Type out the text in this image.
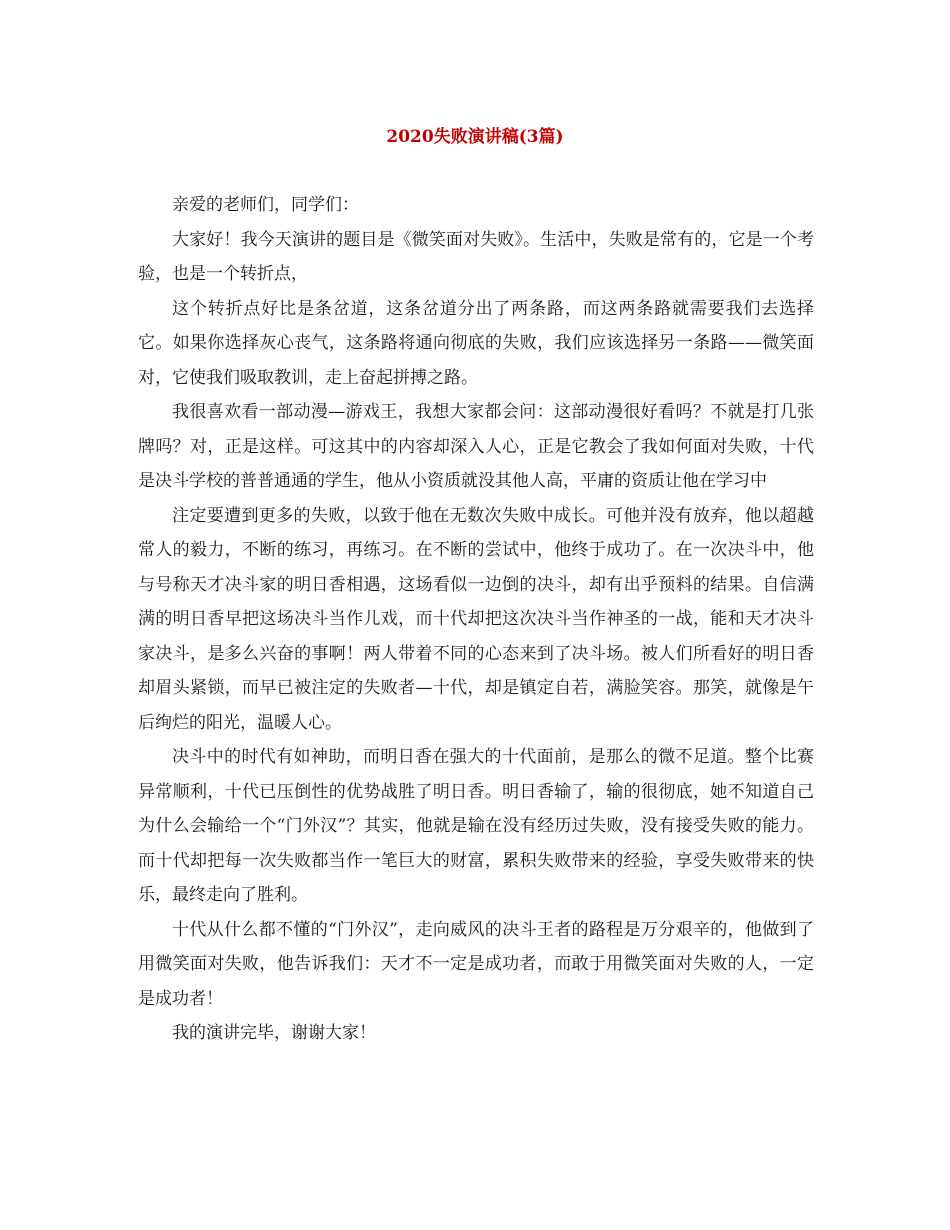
2020失败演讲稿(3篇)

亲爱的老师们，同学们：

大家好！我今天演讲的题目是《微笑面对失败》。生活中，失败是常有的，它是一个考验，也是一个转折点，

这个转折点好比是条岔道，这条岔道分出了两条路，而这两条路就需要我们去选择它。如果你选择灰心丧气，这条路将通向彻底的失败，我们应该选择另一条路——微笑面对，它使我们吸取教训，走上奋起拼搏之路。

我很喜欢看一部动漫—游戏王，我想大家都会问：这部动漫很好看吗？不就是打几张牌吗？对，正是这样。可这其中的内容却深入人心，正是它教会了我如何面对失败，十代是决斗学校的普普通通的学生，他从小资质就没其他人高，平庸的资质让他在学习中

注定要遭到更多的失败，以致于他在无数次失败中成长。可他并没有放弃，他以超越常人的毅力，不断的练习，再练习。在不断的尝试中，他终于成功了。在一次决斗中，他与号称天才决斗家的明日香相遇，这场看似一边倒的决斗，却有出乎预料的结果。自信满满的明日香早把这场决斗当作儿戏，而十代却把这次决斗当作神圣的一战，能和天才决斗家决斗，是多么兴奋的事啊！两人带着不同的心态来到了决斗场。被人们所看好的明日香却眉头紧锁，而早已被注定的失败者—十代，却是镇定自若，满脸笑容。那笑，就像是午后绚烂的阳光，温暖人心。

决斗中的时代有如神助，而明日香在强大的十代面前，是那么的微不足道。整个比赛异常顺利，十代已压倒性的优势战胜了明日香。明日香输了，输的很彻底，她不知道自己为什么会输给一个“门外汉”？其实，他就是输在没有经历过失败，没有接受失败的能力。而十代却把每一次失败都当作一笔巨大的财富，累积失败带来的经验，享受失败带来的快乐，最终走向了胜利。

十代从什么都不懂的“门外汉”，走向威风的决斗王者的路程是万分艰辛的，他做到了用微笑面对失败，他告诉我们：天才不一定是成功者，而敢于用微笑面对失败的人，一定是成功者！

我的演讲完毕，谢谢大家！
